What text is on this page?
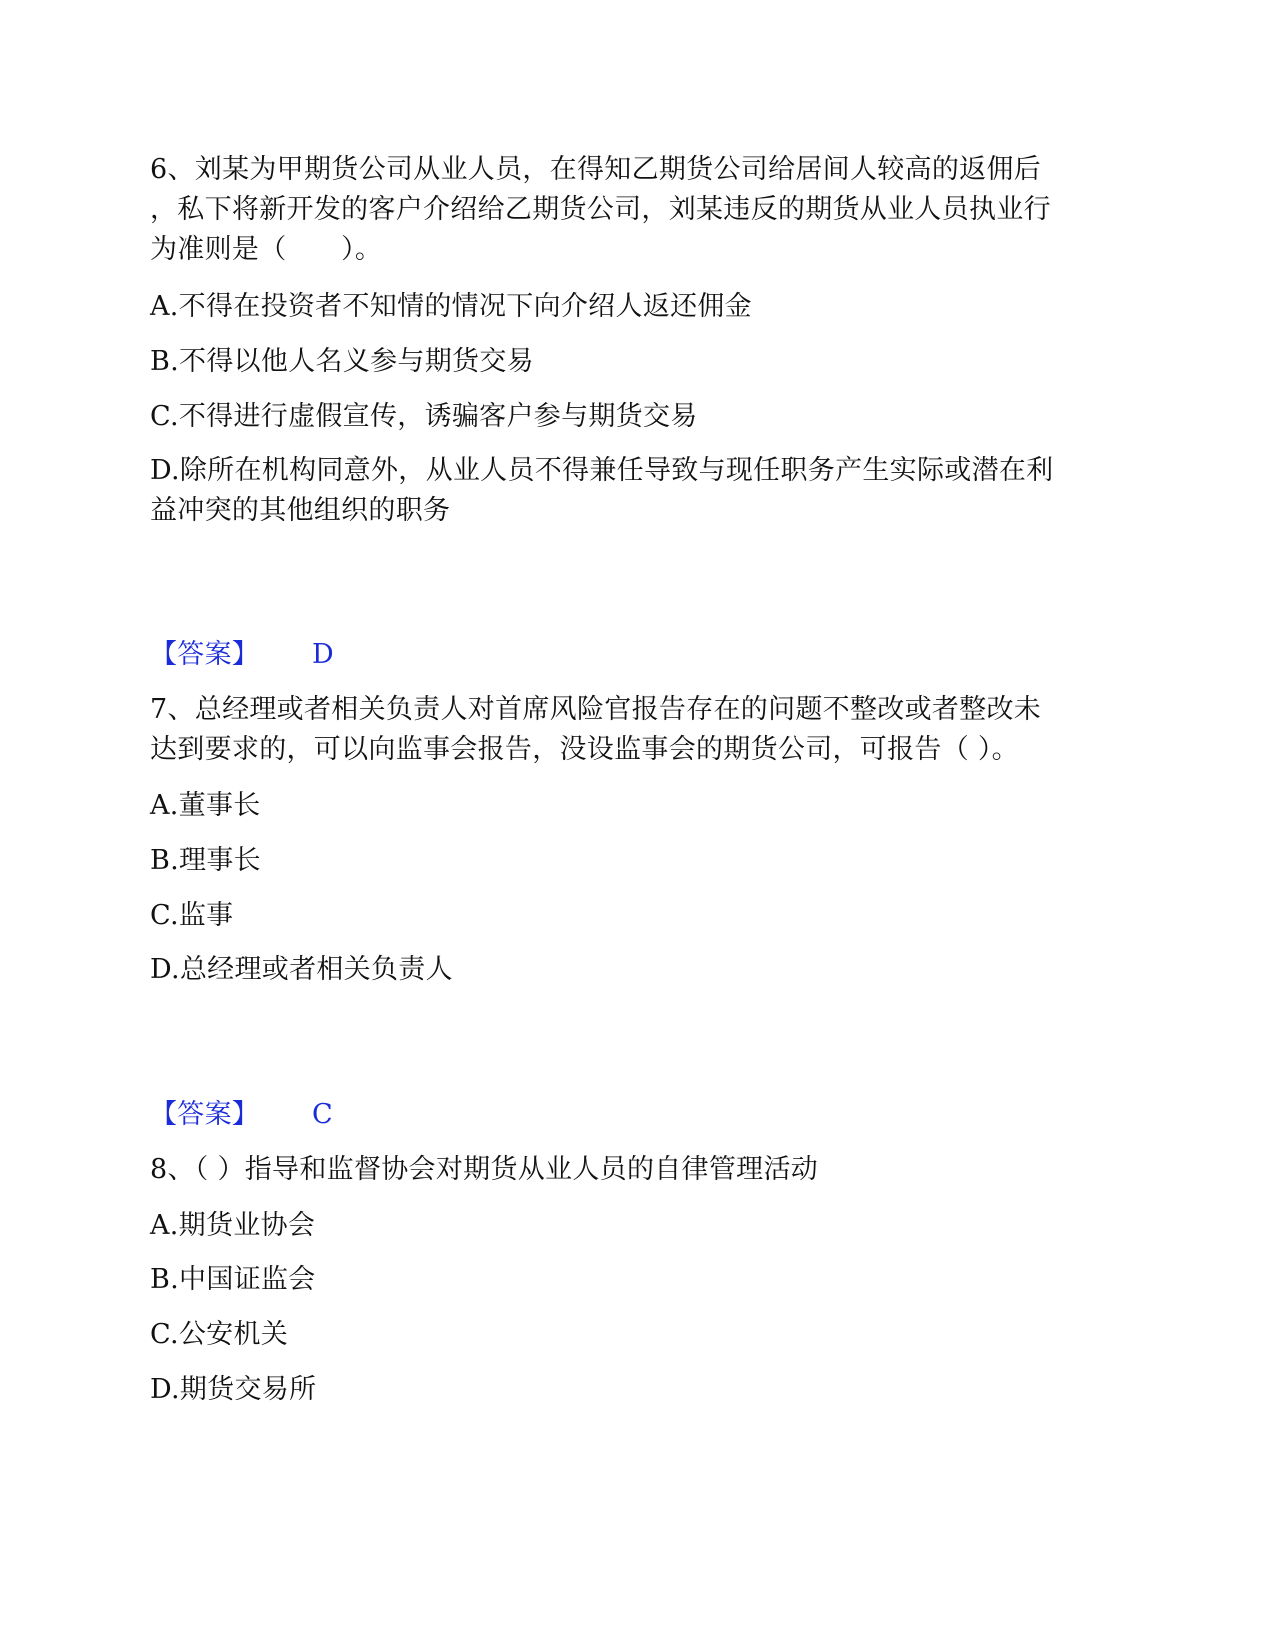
6、刘某为甲期货公司从业人员，在得知乙期货公司给居间人较高的返佣后
，私下将新开发的客户介绍给乙期货公司，刘某违反的期货从业人员执业行
为准则是（　　）。
A.不得在投资者不知情的情况下向介绍人返还佣金
B.不得以他人名义参与期货交易
C.不得进行虚假宣传，诱骗客户参与期货交易
D.除所在机构同意外，从业人员不得兼任导致与现任职务产生实际或潜在利
益冲突的其他组织的职务
【答案】 D
7、总经理或者相关负责人对首席风险官报告存在的问题不整改或者整改未
达到要求的，可以向监事会报告，没设监事会的期货公司，可报告（ ）。
A.董事长
B.理事长
C.监事
D.总经理或者相关负责人
【答案】 C
8、（ ）指导和监督协会对期货从业人员的自律管理活动
A.期货业协会
B.中国证监会
C.公安机关
D.期货交易所
